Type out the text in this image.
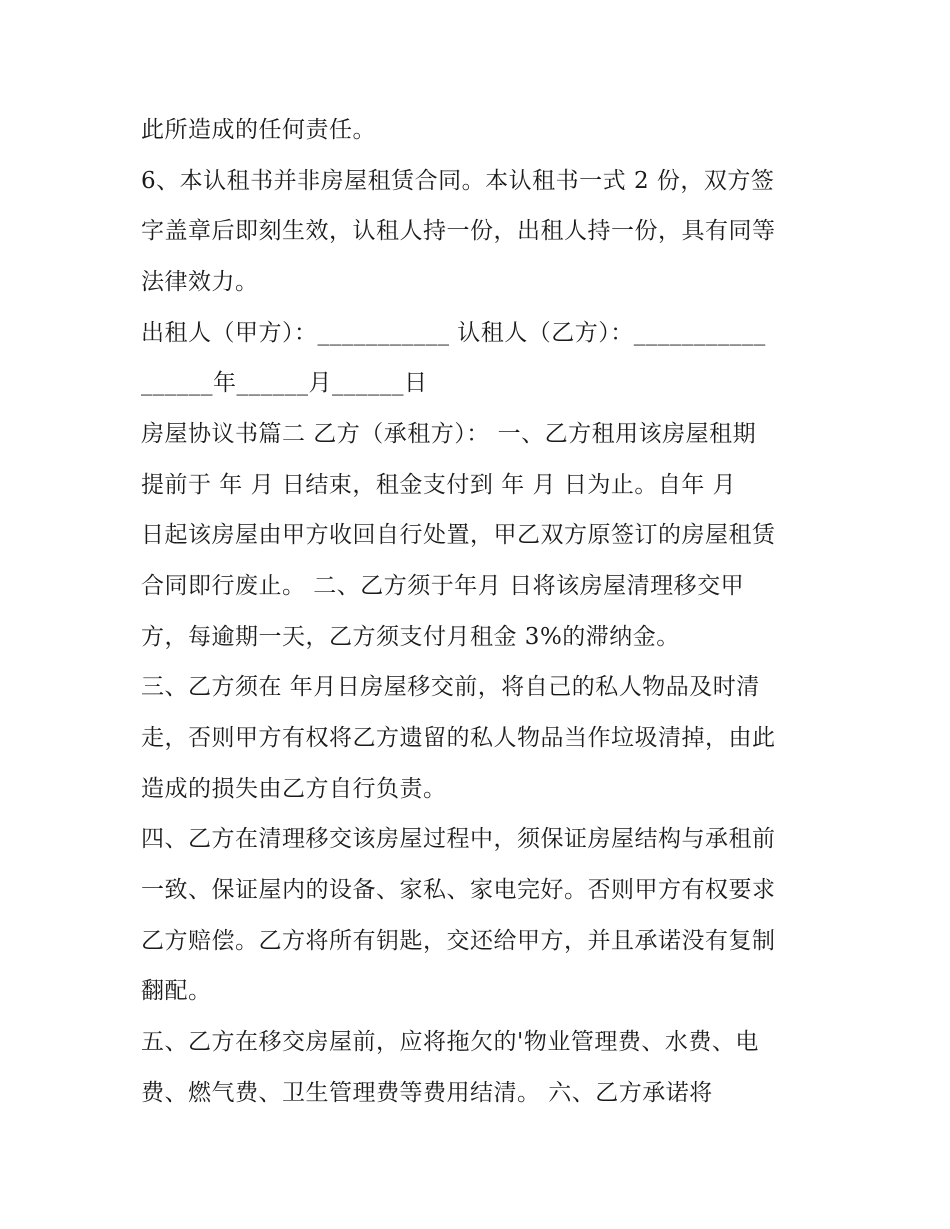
此所造成的任何责任。
6、本认租书并非房屋租赁合同。本认租书一式 2 份，双方签
字盖章后即刻生效，认租人持一份，出租人持一份，具有同等
法律效力。
出租人（甲方）：___________ 认租人（乙方）：___________
______年______月______日
房屋协议书篇二 乙方（承租方）： 一、乙方租用该房屋租期
提前于 年 月 日结束，租金支付到 年 月 日为止。自年 月
日起该房屋由甲方收回自行处置，甲乙双方原签订的房屋租赁
合同即行废止。 二、乙方须于年月 日将该房屋清理移交甲
方，每逾期一天，乙方须支付月租金 3%的滞纳金。
三、乙方须在 年月日房屋移交前，将自己的私人物品及时清
走，否则甲方有权将乙方遗留的私人物品当作垃圾清掉，由此
造成的损失由乙方自行负责。
四、乙方在清理移交该房屋过程中，须保证房屋结构与承租前
一致、保证屋内的设备、家私、家电完好。否则甲方有权要求
乙方赔偿。乙方将所有钥匙，交还给甲方，并且承诺没有复制
翻配。
五、乙方在移交房屋前，应将拖欠的'物业管理费、水费、电
费、燃气费、卫生管理费等费用结清。 六、乙方承诺将
